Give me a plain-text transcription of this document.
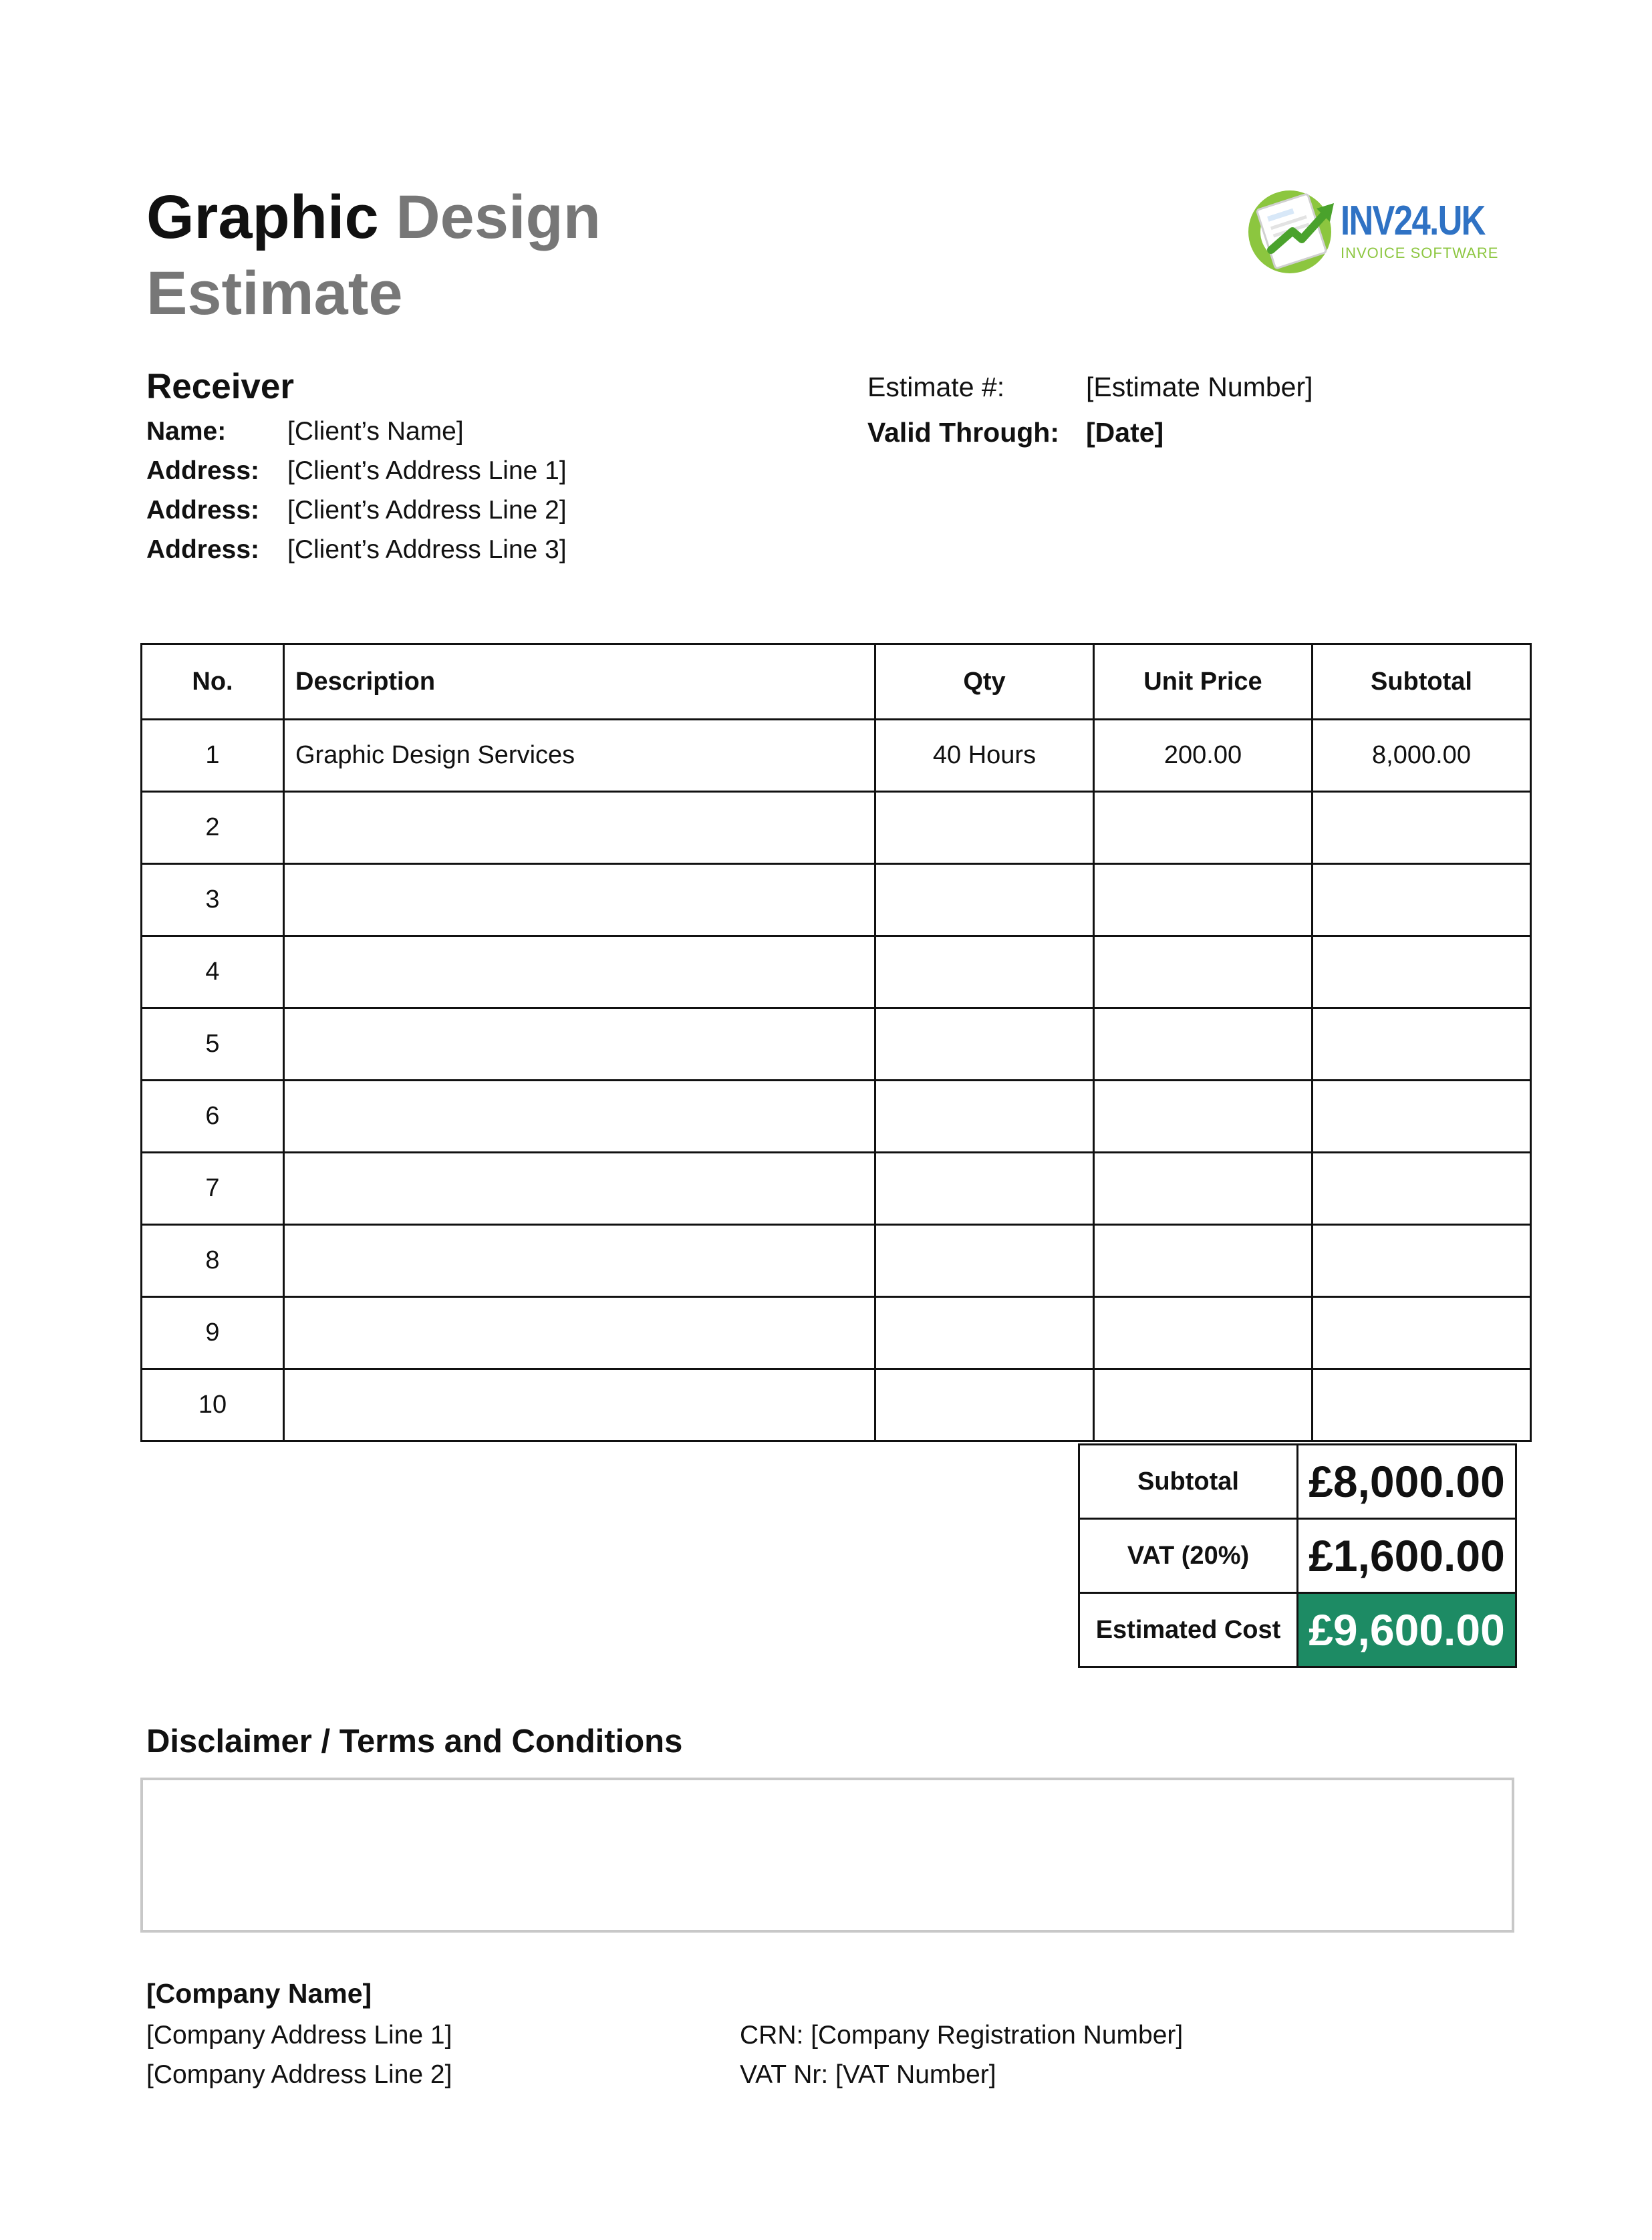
Graphic Design
Estimate
INV24.UK
INVOICE SOFTWARE
Receiver
Name: [Client’s Name]
Address: [Client’s Address Line 1]
Address: [Client’s Address Line 2]
Address: [Client’s Address Line 3]
Estimate #:	[Estimate Number]
Valid Through: [Date]
No.	Description	Qty	Unit Price	Subtotal
1	Graphic Design Services	40 Hours	200.00	8,000.00
2				
3				
4				
5				
6				
7				
8				
9				
10				
Subtotal	£8,000.00
VAT (20%)	£1,600.00
Estimated Cost	£9,600.00
Disclaimer / Terms and Conditions
[Company Name]
[Company Address Line 1]
[Company Address Line 2]
CRN: [Company Registration Number]
VAT Nr: [VAT Number]
